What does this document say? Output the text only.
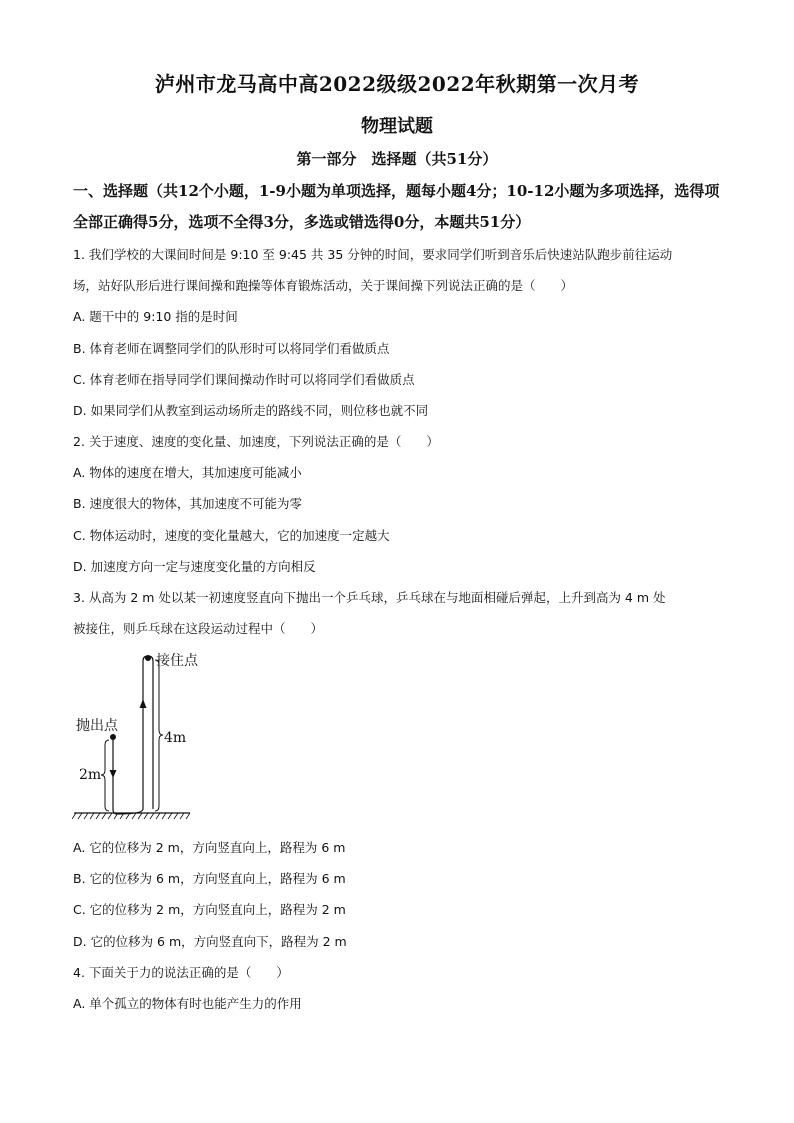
泸州市龙马高中高2022级级2022年秋期第一次月考
物理试题
第一部分　选择题（共51分）
一、选择题（共12个小题，1-9小题为单项选择，题每小题4分；10-12小题为多项选择，选得项全部正确得5分，选项不全得3分，多选或错选得0分，本题共51分）
1. 我们学校的大课间时间是 9:10 至 9:45 共 35 分钟的时间，要求同学们听到音乐后快速站队跑步前往运动
场，站好队形后进行课间操和跑操等体育锻炼活动，关于课间操下列说法正确的是（　　）
A. 题干中的 9:10 指的是时间
B. 体育老师在调整同学们的队形时可以将同学们看做质点
C. 体育老师在指导同学们课间操动作时可以将同学们看做质点
D. 如果同学们从教室到运动场所走的路线不同，则位移也就不同
2. 关于速度、速度的变化量、加速度，下列说法正确的是（　　）
A. 物体的速度在增大，其加速度可能减小
B. 速度很大的物体，其加速度不可能为零
C. 物体运动时，速度的变化量越大，它的加速度一定越大
D. 加速度方向一定与速度变化量的方向相反
3. 从高为 2 m 处以某一初速度竖直向下抛出一个乒乓球，乒乓球在与地面相碰后弹起，上升到高为 4 m 处
被接住，则乒乓球在这段运动过程中（　　）
接住点
抛出点
2m
4m
A. 它的位移为 2 m，方向竖直向上，路程为 6 m
B. 它的位移为 6 m，方向竖直向上，路程为 6 m
C. 它的位移为 2 m，方向竖直向上，路程为 2 m
D. 它的位移为 6 m，方向竖直向下，路程为 2 m
4. 下面关于力的说法正确的是（　　）
A. 单个孤立的物体有时也能产生力的作用
